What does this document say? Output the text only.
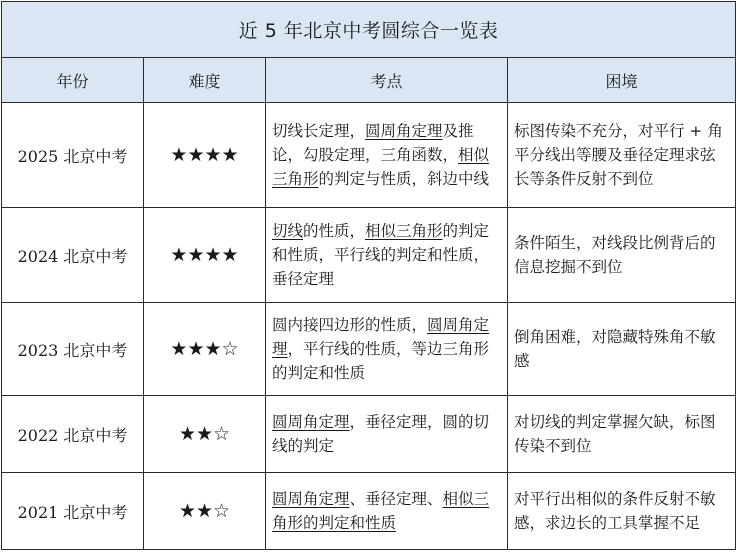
近 5 年北京中考圆综合一览表			
年份	难度	考点	困境
2025 北京中考	★★★★	切线长定理，圆周角定理及推论，勾股定理，三角函数，相似三角形的判定与性质，斜边中线	标图传染不充分，对平行 + 角平分线出等腰及垂径定理求弦长等条件反射不到位
2024 北京中考	★★★★	切线的性质，相似三角形的判定和性质，平行线的判定和性质，垂径定理	条件陌生，对线段比例背后的信息挖掘不到位
2023 北京中考	★★★☆	圆内接四边形的性质，圆周角定理，平行线的性质，等边三角形的判定和性质	倒角困难，对隐藏特殊角不敏感
2022 北京中考	★★☆	圆周角定理，垂径定理，圆的切线的判定	对切线的判定掌握欠缺，标图传染不到位
2021 北京中考	★★☆	圆周角定理、垂径定理、相似三角形的判定和性质	对平行出相似的条件反射不敏感，求边长的工具掌握不足
